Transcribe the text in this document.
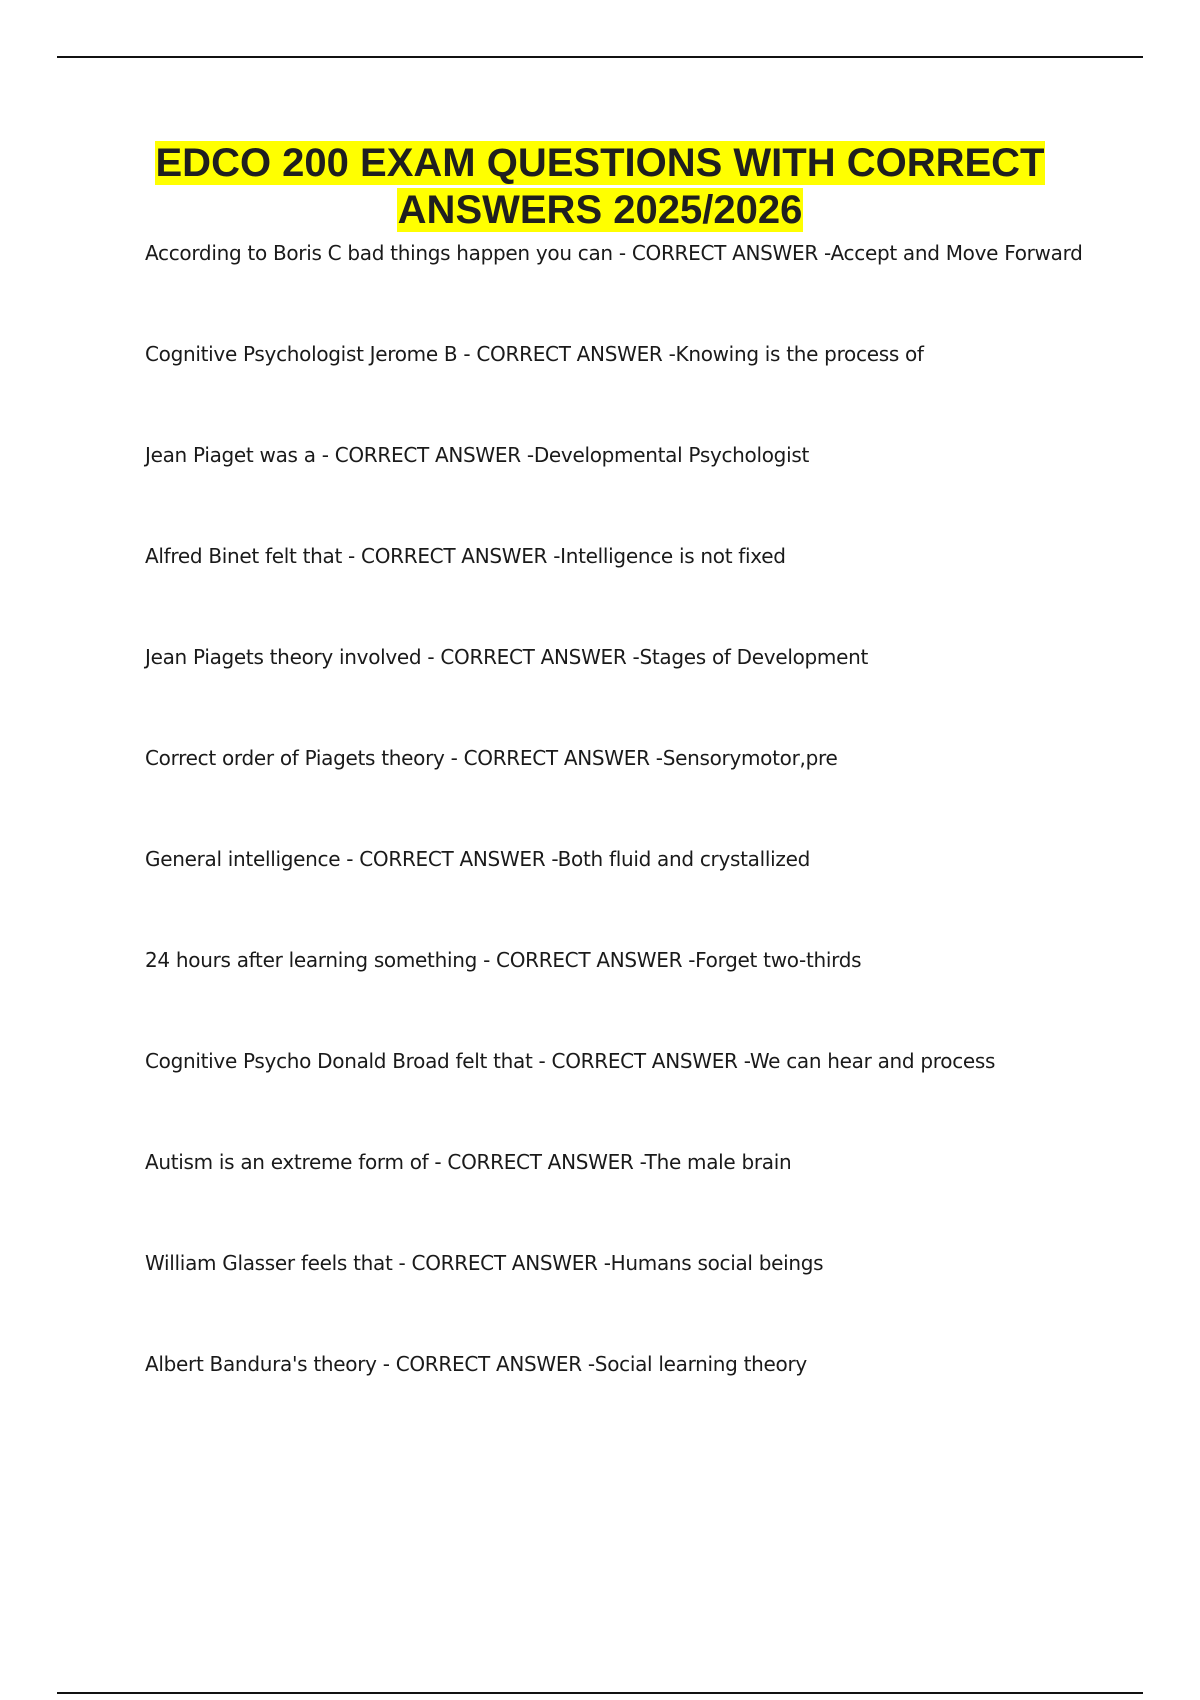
EDCO 200 EXAM QUESTIONS WITH CORRECT
ANSWERS 2025/2026
According to Boris C bad things happen you can - CORRECT ANSWER -Accept and Move Forward
Cognitive Psychologist Jerome B - CORRECT ANSWER -Knowing is the process of
Jean Piaget was a - CORRECT ANSWER -Developmental Psychologist
Alfred Binet felt that - CORRECT ANSWER -Intelligence is not fixed
Jean Piagets theory involved - CORRECT ANSWER -Stages of Development
Correct order of Piagets theory - CORRECT ANSWER -Sensorymotor,pre
General intelligence - CORRECT ANSWER -Both fluid and crystallized
24 hours after learning something - CORRECT ANSWER -Forget two-thirds
Cognitive Psycho Donald Broad felt that - CORRECT ANSWER -We can hear and process
Autism is an extreme form of - CORRECT ANSWER -The male brain
William Glasser feels that - CORRECT ANSWER -Humans social beings
Albert Bandura's theory - CORRECT ANSWER -Social learning theory
